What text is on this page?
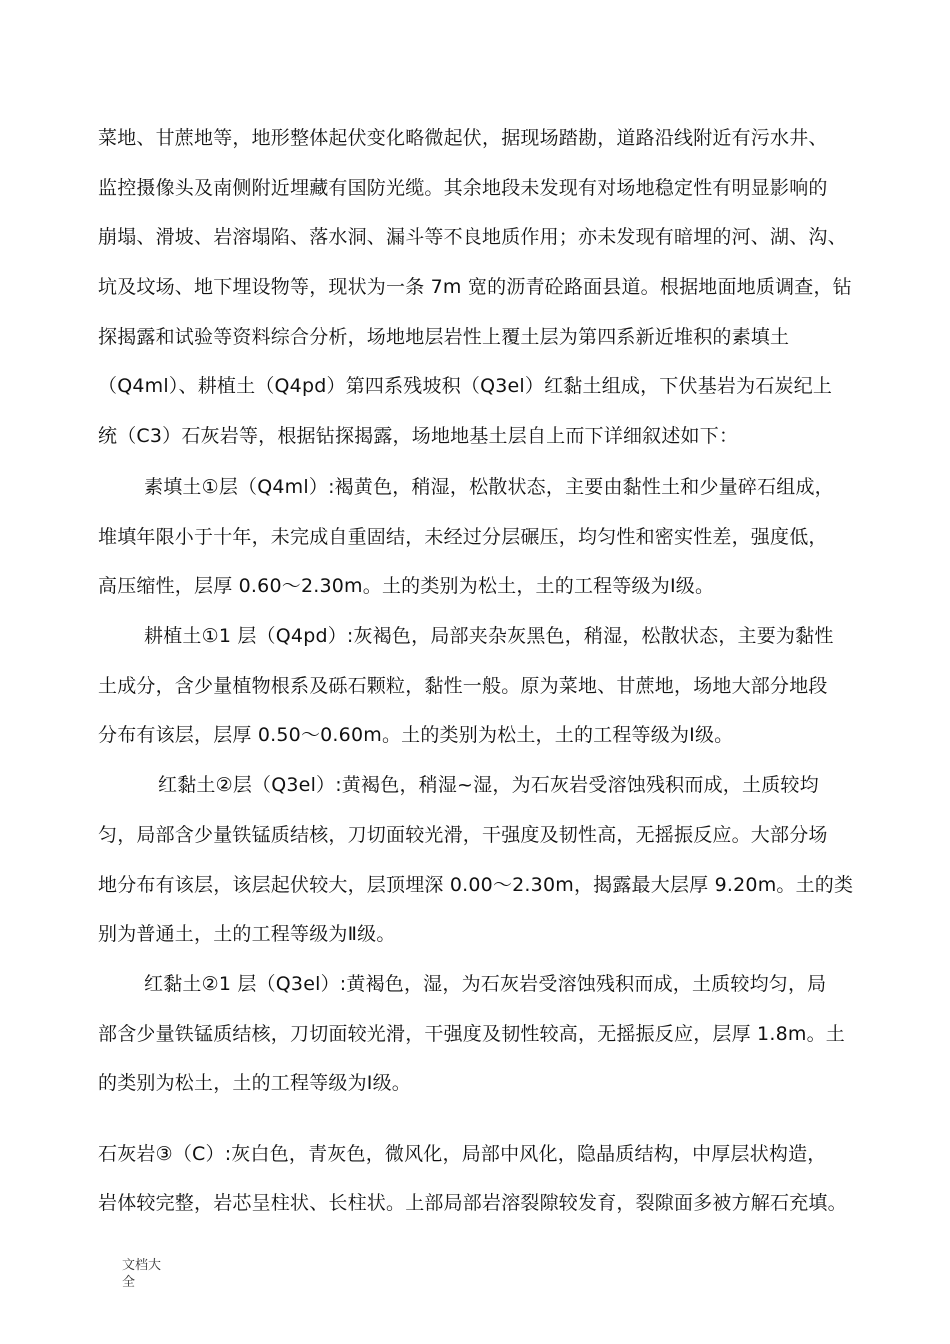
菜地、甘蔗地等，地形整体起伏变化略微起伏，据现场踏勘，道路沿线附近有污水井、
监控摄像头及南侧附近埋藏有国防光缆。其余地段未发现有对场地稳定性有明显影响的
崩塌、滑坡、岩溶塌陷、落水洞、漏斗等不良地质作用；亦未发现有暗埋的河、湖、沟、
坑及坟场、地下埋设物等，现状为一条 7m 宽的沥青砼路面县道。根据地面地质调查，钻
探揭露和试验等资料综合分析，场地地层岩性上覆土层为第四系新近堆积的素填土
（Q4ml）、耕植土（Q4pd）第四系残坡积（Q3el）红黏土组成，下伏基岩为石炭纪上
统（C3）石灰岩等，根据钻探揭露，场地地基土层自上而下详细叙述如下：
素填土①层（Q4ml）:褐黄色，稍湿，松散状态，主要由黏性土和少量碎石组成，
堆填年限小于十年，未完成自重固结，未经过分层碾压，均匀性和密实性差，强度低，
高压缩性，层厚 0.60～2.30m。土的类别为松土，土的工程等级为Ⅰ级。
耕植土①1 层（Q4pd）:灰褐色，局部夹杂灰黑色，稍湿，松散状态，主要为黏性
土成分，含少量植物根系及砾石颗粒，黏性一般。原为菜地、甘蔗地，场地大部分地段
分布有该层，层厚 0.50～0.60m。土的类别为松土，土的工程等级为Ⅰ级。
红黏土②层（Q3el）:黄褐色，稍湿~湿，为石灰岩受溶蚀残积而成，土质较均
匀，局部含少量铁锰质结核，刀切面较光滑，干强度及韧性高，无摇振反应。大部分场
地分布有该层，该层起伏较大，层顶埋深 0.00～2.30m，揭露最大层厚 9.20m。土的类
别为普通土，土的工程等级为Ⅱ级。
红黏土②1 层（Q3el）:黄褐色，湿，为石灰岩受溶蚀残积而成，土质较均匀，局
部含少量铁锰质结核，刀切面较光滑，干强度及韧性较高，无摇振反应，层厚 1.8m。土
的类别为松土，土的工程等级为Ⅰ级。
石灰岩③（C）:灰白色，青灰色，微风化，局部中风化，隐晶质结构，中厚层状构造，
岩体较完整，岩芯呈柱状、长柱状。上部局部岩溶裂隙较发育，裂隙面多被方解石充填。
文档大
全
